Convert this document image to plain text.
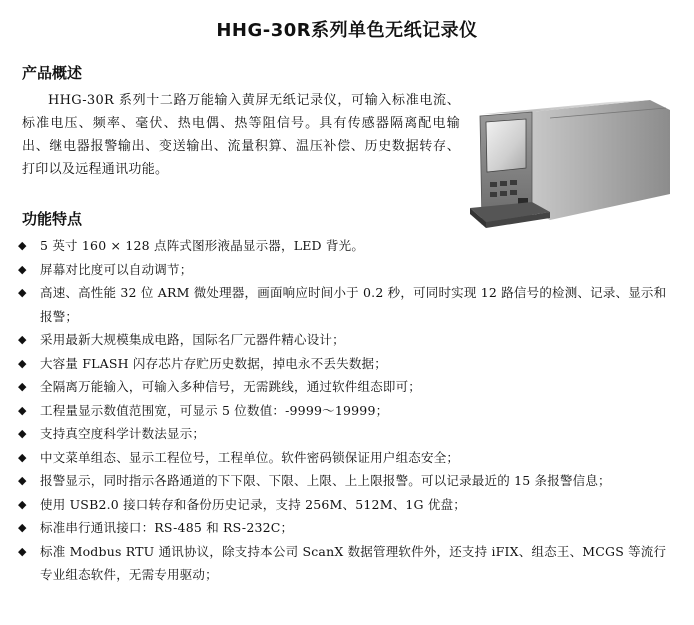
HHG-30R系列单色无纸记录仪
产品概述
HHG-30R 系列十二路万能输入黄屏无纸记录仪，可输入标准电流、标准电压、频率、毫伏、热电偶、热等阻信号。具有传感器隔离配电输出、继电器报警输出、变送输出、流量积算、温压补偿、历史数据转存、打印以及远程通讯功能。
功能特点
◆ 5 英寸 160 × 128 点阵式图形液晶显示器，LED 背光。
◆ 屏幕对比度可以自动调节；
◆ 高速、高性能 32 位 ARM 微处理器，画面响应时间小于 0.2 秒，可同时实现 12 路信号的检测、记录、显示和报警；
◆ 采用最新大规模集成电路，国际名厂元器件精心设计；
◆ 大容量 FLASH 闪存芯片存贮历史数据，掉电永不丢失数据；
◆ 全隔离万能输入，可输入多种信号，无需跳线，通过软件组态即可；
◆ 工程量显示数值范围宽，可显示 5 位数值：-9999～19999；
◆ 支持真空度科学计数法显示；
◆ 中文菜单组态、显示工程位号，工程单位。软件密码锁保证用户组态安全；
◆ 报警显示，同时指示各路通道的下下限、下限、上限、上上限报警。可以记录最近的 15 条报警信息；
◆ 使用 USB2.0 接口转存和备份历史记录，支持 256M、512M、1G 优盘；
◆ 标准串行通讯接口：RS-485 和 RS-232C；
◆ 标准 Modbus RTU 通讯协议，除支持本公司 ScanX 数据管理软件外，还支持 iFIX、组态王、MCGS 等流行专业组态软件，无需专用驱动；
